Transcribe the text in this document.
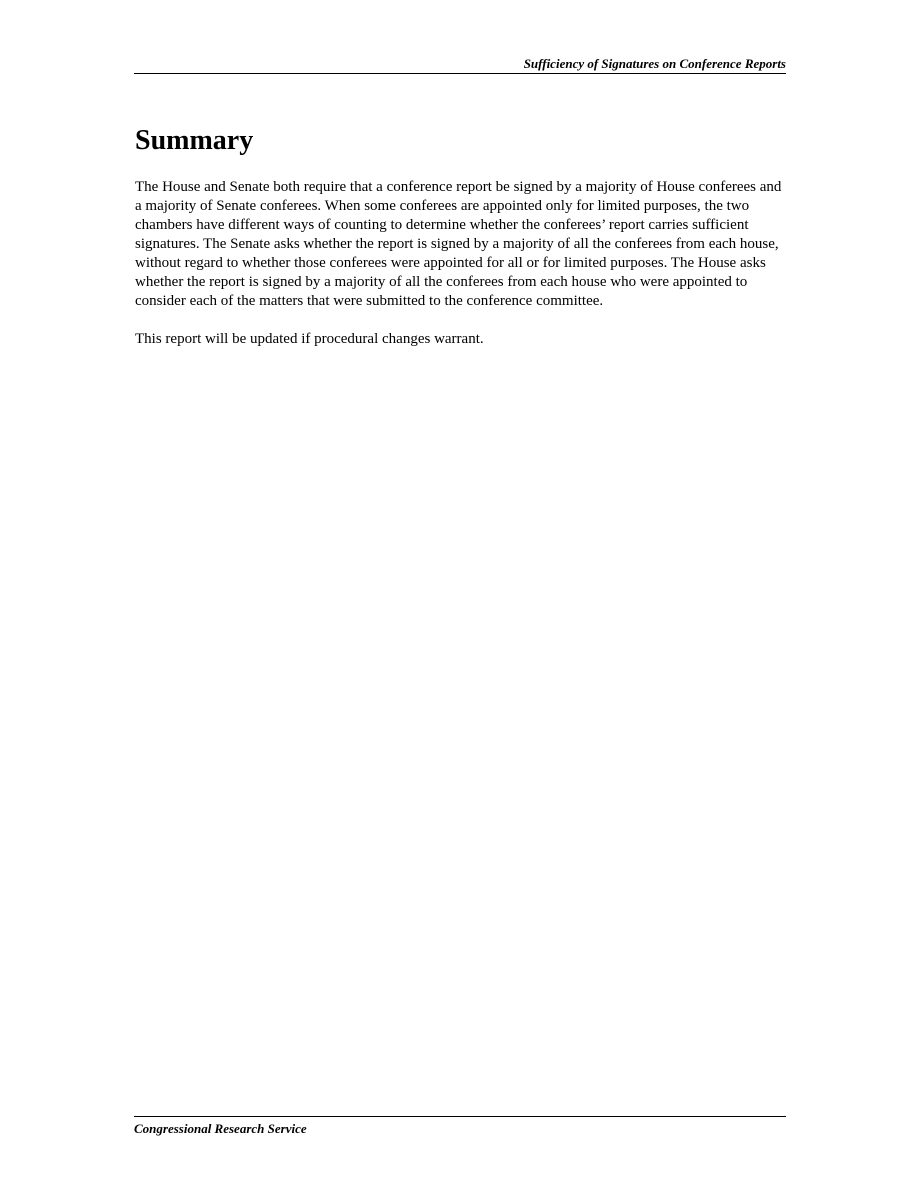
Sufficiency of Signatures on Conference Reports
Summary

The House and Senate both require that a conference report be signed by a majority of House conferees and a majority of Senate conferees. When some conferees are appointed only for limited purposes, the two chambers have different ways of counting to determine whether the conferees’ report carries sufficient signatures. The Senate asks whether the report is signed by a majority of all the conferees from each house, without regard to whether those conferees were appointed for all or for limited purposes. The House asks whether the report is signed by a majority of all the conferees from each house who were appointed to consider each of the matters that were submitted to the conference committee.

This report will be updated if procedural changes warrant.

Congressional Research Service
